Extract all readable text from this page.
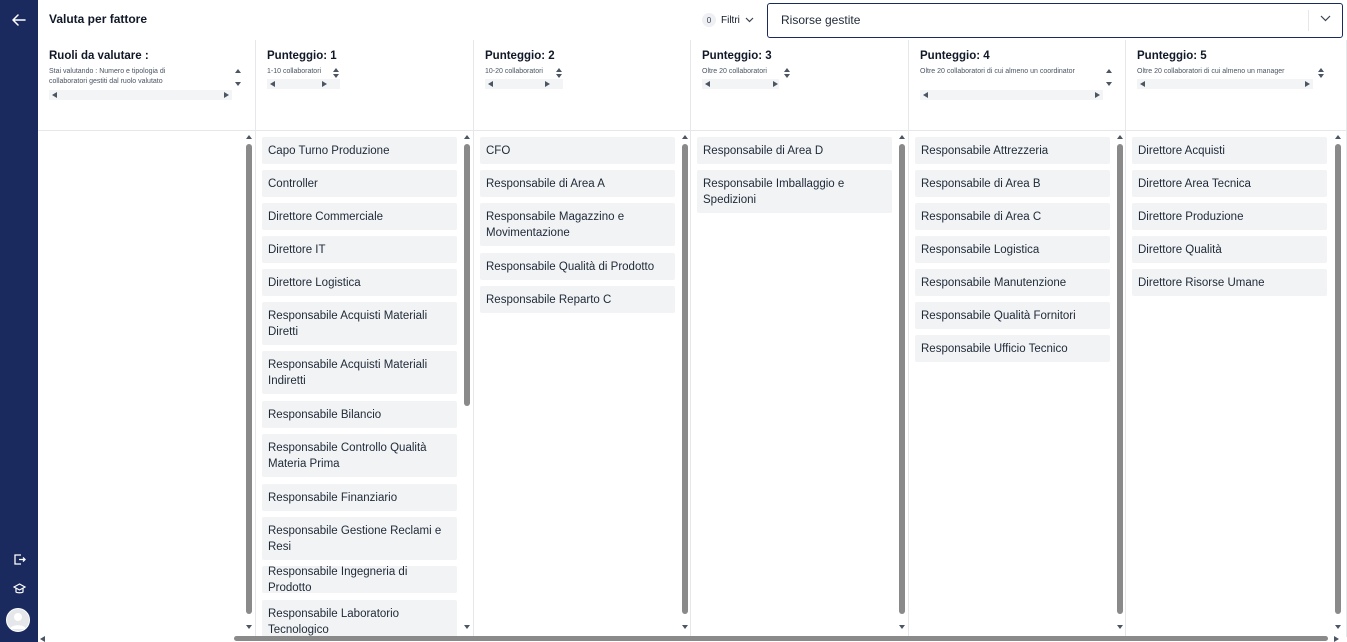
Valuta per fattore	0 Filtri	Risorse gestite
Ruoli da valutare :
Stai valutando : Numero e tipologia di collaboratori gestiti dal ruolo valutato
Punteggio: 1
1-10 collaboratori
Punteggio: 2
10-20 collaboratori
Punteggio: 3
Oltre 20 collaboratori
Punteggio: 4
Oltre 20 collaboratori di cui almeno un coordinator
Punteggio: 5
Oltre 20 collaboratori di cui almeno un manager
Capo Turno Produzione
Controller
Direttore Commerciale
Direttore IT
Direttore Logistica
Responsabile Acquisti Materiali Diretti
Responsabile Acquisti Materiali Indiretti
Responsabile Bilancio
Responsabile Controllo Qualità Materia Prima
Responsabile Finanziario
Responsabile Gestione Reclami e Resi
Responsabile Ingegneria di Prodotto
Responsabile Laboratorio Tecnologico
CFO
Responsabile di Area A
Responsabile Magazzino e Movimentazione
Responsabile Qualità di Prodotto
Responsabile Reparto C
Responsabile di Area D
Responsabile Imballaggio e Spedizioni
Responsabile Attrezzeria
Responsabile di Area B
Responsabile di Area C
Responsabile Logistica
Responsabile Manutenzione
Responsabile Qualità Fornitori
Responsabile Ufficio Tecnico
Direttore Acquisti
Direttore Area Tecnica
Direttore Produzione
Direttore Qualità
Direttore Risorse Umane
